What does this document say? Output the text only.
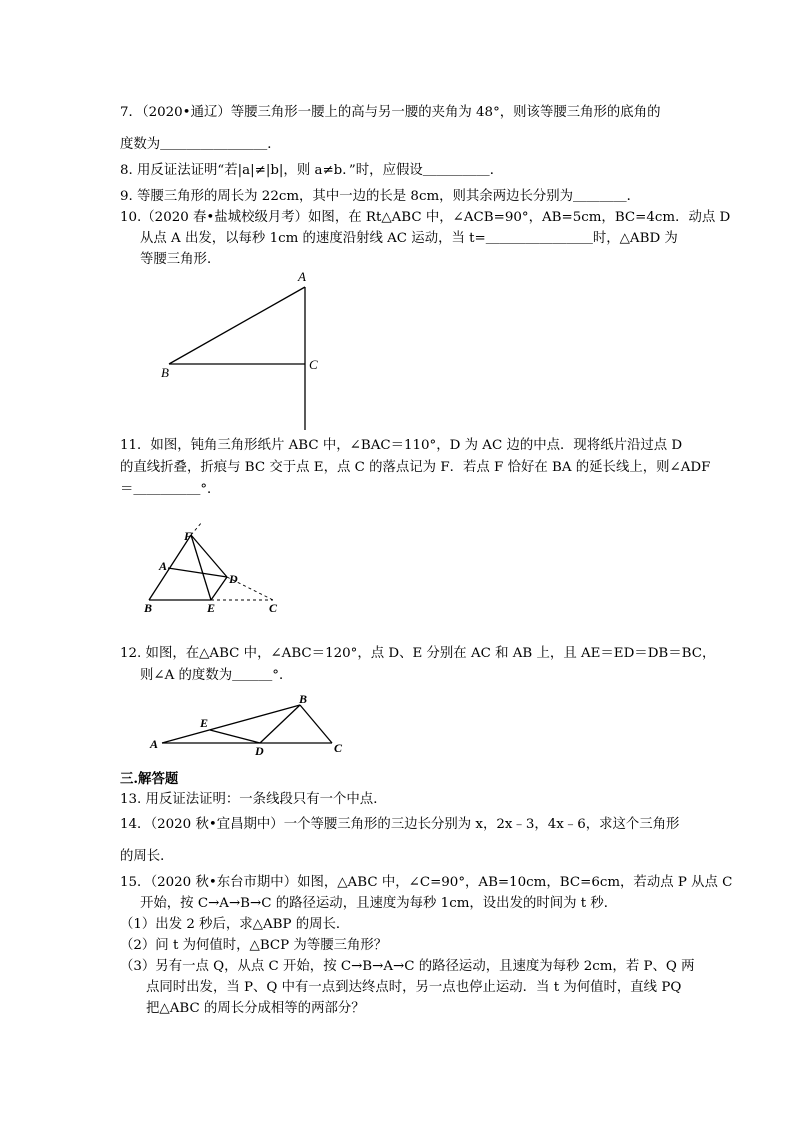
7．（2020•通辽）等腰三角形一腰上的高与另一腰的夹角为 48°，则该等腰三角形的底角的
度数为＿＿＿＿＿＿＿＿．
8. 用反证法证明“若|a|≠|b|，则 a≠b．”时，应假设＿＿＿＿＿．
9. 等腰三角形的周长为 22cm，其中一边的长是 8cm，则其余两边长分别为＿＿＿＿．
10.（2020 春•盐城校级月考）如图，在 Rt△ABC 中，∠ACB=90°，AB=5cm，BC=4cm．动点 D
从点 A 出发，以每秒 1cm 的速度沿射线 AC 运动，当 t=＿＿＿＿＿＿＿＿时，△ABD 为
等腰三角形．
A
B
C
11．如图，钝角三角形纸片 ABC 中，∠BAC＝110°，D 为 AC 边的中点．现将纸片沿过点 D
的直线折叠，折痕与 BC 交于点 E，点 C 的落点记为 F．若点 F 恰好在 BA 的延长线上，则∠ADF
＝＿＿＿＿＿°．
F
A
D
B	E	C
12. 如图，在△ABC 中，∠ABC＝120°，点 D、E 分别在 AC 和 AB 上，且 AE＝ED＝DB＝BC，
则∠A 的度数为＿＿＿°．
A
B
C
D
E
三.解答题
13. 用反证法证明：一条线段只有一个中点．
14．（2020 秋•宜昌期中）一个等腰三角形的三边长分别为 x，2x﹣3，4x﹣6，求这个三角形
的周长．
15．（2020 秋•东台市期中）如图，△ABC 中，∠C=90°，AB=10cm，BC=6cm，若动点 P 从点 C
开始，按 C→A→B→C 的路径运动，且速度为每秒 1cm，设出发的时间为 t 秒．
（1）出发 2 秒后，求△ABP 的周长．
（2）问 t 为何值时，△BCP 为等腰三角形？
（3）另有一点 Q，从点 C 开始，按 C→B→A→C 的路径运动，且速度为每秒 2cm，若 P、Q 两
点同时出发，当 P、Q 中有一点到达终点时，另一点也停止运动．当 t 为何值时，直线 PQ
把△ABC 的周长分成相等的两部分？
